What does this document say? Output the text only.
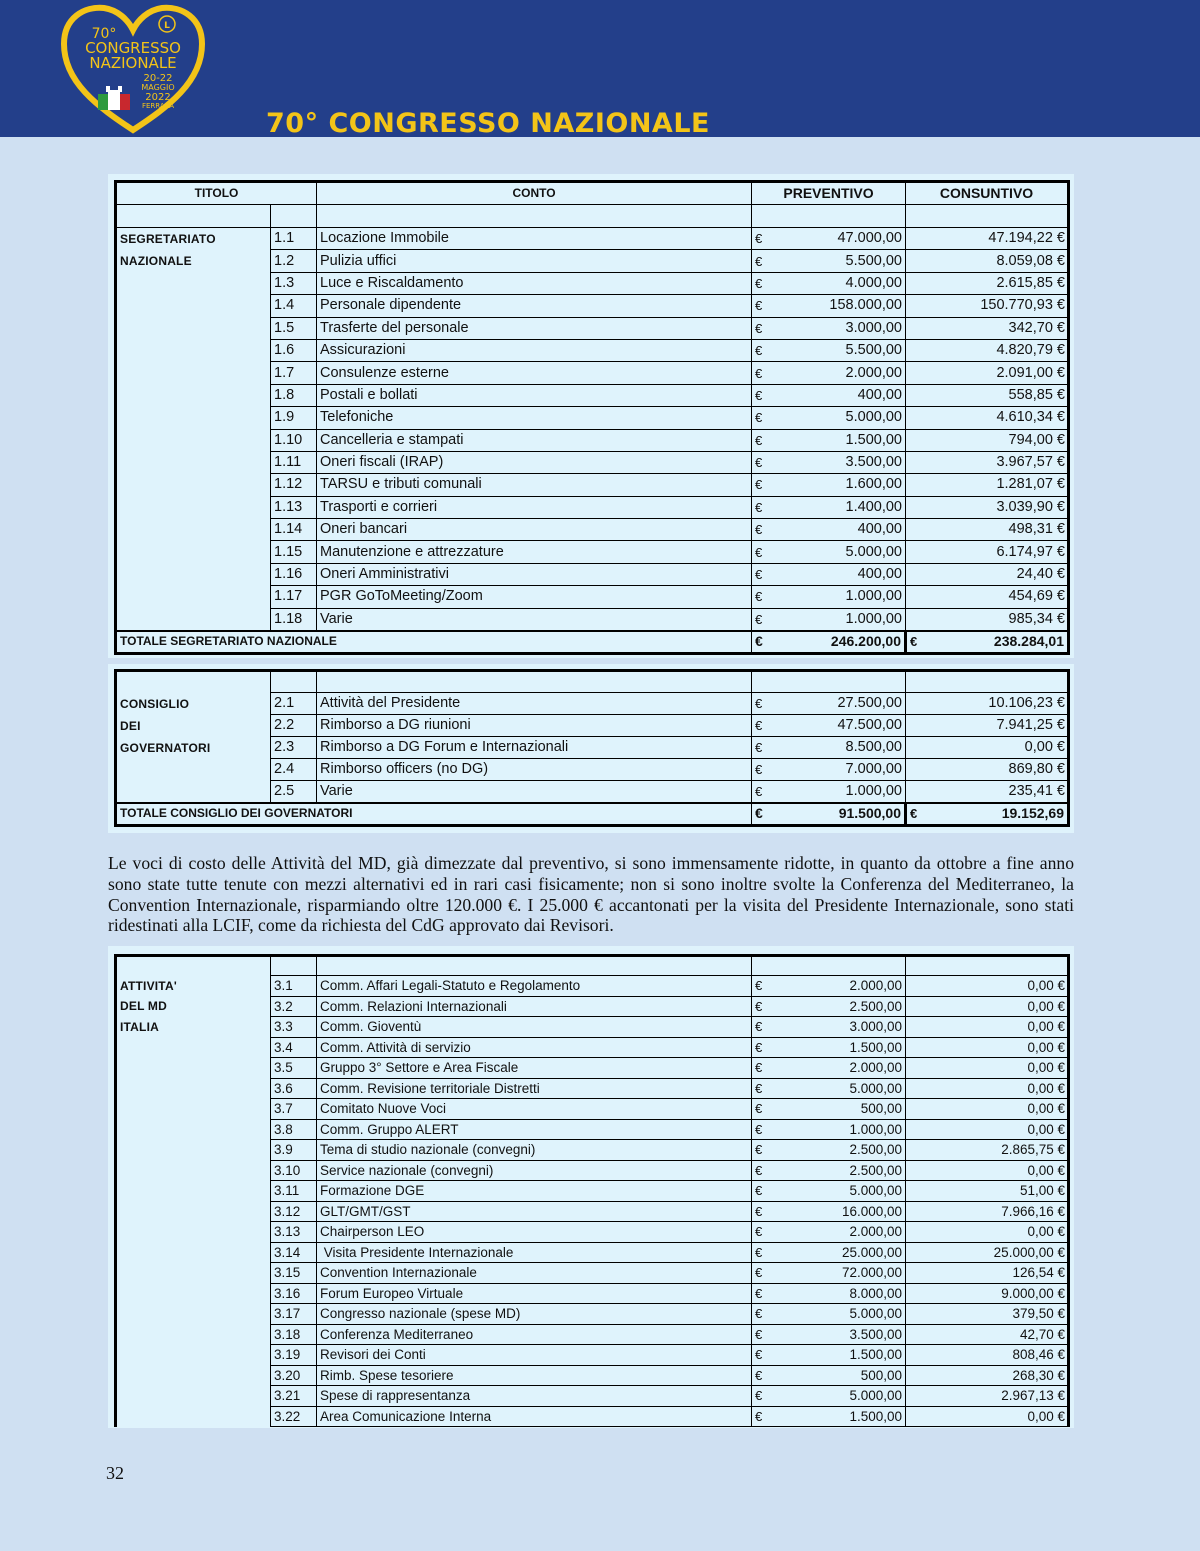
L
70°
CONGRESSO
NAZIONALE
20-22
MAGGIO
2022
FERRARA
70° CONGRESSO NAZIONALE
TITOLO		CONTO	PREVENTIVO		CONSUNTIVO

SEGRETARIATO
NAZIONALE	1.1	Locazione Immobile	€	47.000,00	47.194,22 €
	1.2	Pulizia uffici	€	5.500,00	8.059,08 €
	1.3	Luce e Riscaldamento	€	4.000,00	2.615,85 €
	1.4	Personale dipendente	€	158.000,00	150.770,93 €
	1.5	Trasferte del personale	€	3.000,00	342,70 €
	1.6	Assicurazioni	€	5.500,00	4.820,79 €
	1.7	Consulenze esterne	€	2.000,00	2.091,00 €
	1.8	Postali e bollati	€	400,00	558,85 €
	1.9	Telefoniche	€	5.000,00	4.610,34 €
	1.10	Cancelleria e stampati	€	1.500,00	794,00 €
	1.11	Oneri fiscali (IRAP)	€	3.500,00	3.967,57 €
	1.12	TARSU e tributi comunali	€	1.600,00	1.281,07 €
	1.13	Trasporti e corrieri	€	1.400,00	3.039,90 €
	1.14	Oneri bancari	€	400,00	498,31 €
	1.15	Manutenzione e attrezzature	€	5.000,00	6.174,97 €
	1.16	Oneri Amministrativi	€	400,00	24,40 €
	1.17	PGR GoToMeeting/Zoom	€	1.000,00	454,69 €
	1.18	Varie	€	1.000,00	985,34 €
TOTALE SEGRETARIATO NAZIONALE			€	246.200,00	€ 238.284,01

CONSIGLIO
DEI
GOVERNATORI	2.1	Attività del Presidente	€	27.500,00	10.106,23 €
	2.2	Rimborso a DG riunioni	€	47.500,00	7.941,25 €
	2.3	Rimborso a DG Forum e Internazionali	€	8.500,00	0,00 €
	2.4	Rimborso officers (no DG)	€	7.000,00	869,80 €
	2.5	Varie	€	1.000,00	235,41 €
TOTALE CONSIGLIO DEI GOVERNATORI			€	91.500,00	€ 19.152,69
Le voci di costo delle Attività del MD, già dimezzate dal preventivo, si sono immensamente ridotte, in quanto da ottobre a fine anno sono state tutte tenute con mezzi alternativi ed in rari casi fisicamente; non si sono inoltre svolte la Conferenza del Mediterraneo, la Convention Internazionale, risparmiando oltre 120.000 €. I 25.000 € accantonati per la visita del Presidente Internazionale, sono stati ridestinati alla LCIF, come da richiesta del CdG approvato dai Revisori.

ATTIVITA'
DEL MD
ITALIA	3.1	Comm. Affari Legali-Statuto e Regolamento	€	2.000,00	0,00 €
	3.2	Comm. Relazioni Internazionali	€	2.500,00	0,00 €
	3.3	Comm. Gioventù	€	3.000,00	0,00 €
	3.4	Comm. Attività di servizio	€	1.500,00	0,00 €
	3.5	Gruppo 3° Settore e Area Fiscale	€	2.000,00	0,00 €
	3.6	Comm. Revisione territoriale Distretti	€	5.000,00	0,00 €
	3.7	Comitato Nuove Voci	€	500,00	0,00 €
	3.8	Comm. Gruppo ALERT	€	1.000,00	0,00 €
	3.9	Tema di studio nazionale (convegni)	€	2.500,00	2.865,75 €
	3.10	Service nazionale (convegni)	€	2.500,00	0,00 €
	3.11	Formazione DGE	€	5.000,00	51,00 €
	3.12	GLT/GMT/GST	€	16.000,00	7.966,16 €
	3.13	Chairperson LEO	€	2.000,00	0,00 €
	3.14	Visita Presidente Internazionale	€	25.000,00	25.000,00 €
	3.15	Convention Internazionale	€	72.000,00	126,54 €
	3.16	Forum Europeo Virtuale	€	8.000,00	9.000,00 €
	3.17	Congresso nazionale (spese MD)	€	5.000,00	379,50 €
	3.18	Conferenza Mediterraneo	€	3.500,00	42,70 €
	3.19	Revisori dei Conti	€	1.500,00	808,46 €
	3.20	Rimb. Spese tesoriere	€	500,00	268,30 €
	3.21	Spese di rappresentanza	€	5.000,00	2.967,13 €
	3.22	Area Comunicazione Interna	€	1.500,00	0,00 €
32
